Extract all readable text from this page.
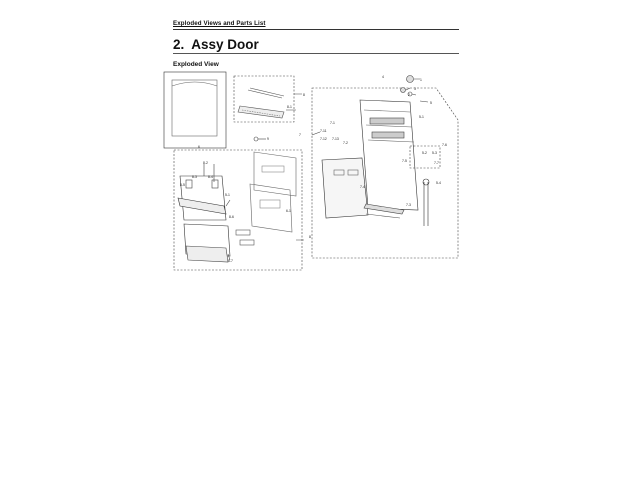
Exploded Views and Parts List
2. Assy Door
Exploded View
1
2
3
4
5
5-1
6
8
8-1
9
7
7-1
7-2
7-3
7-4
7-5
7-6
7-7
7-11
7-12 7-13
5-2 5-3
5-4
8
8-2
8-3	8-4
8-5
8-6
8-7
6-1
5-1
